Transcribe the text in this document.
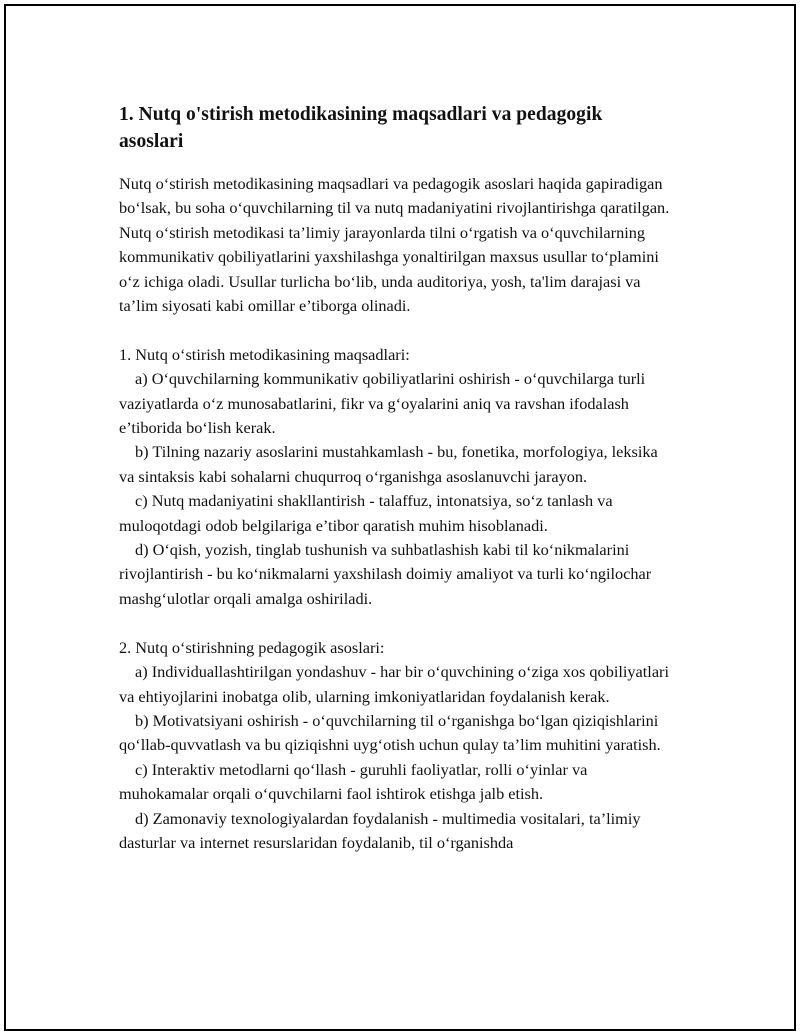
1. Nutq o'stirish metodikasining maqsadlari va pedagogik asoslari

Nutq o‘stirish metodikasining maqsadlari va pedagogik asoslari haqida gapiradigan bo‘lsak, bu soha o‘quvchilarning til va nutq madaniyatini rivojlantirishga qaratilgan. Nutq o‘stirish metodikasi ta’limiy jarayonlarda tilni o‘rgatish va o‘quvchilarning kommunikativ qobiliyatlarini yaxshilashga yonaltirilgan maxsus usullar to‘plamini o‘z ichiga oladi. Usullar turlicha bo‘lib, unda auditoriya, yosh, ta'lim darajasi va ta’lim siyosati kabi omillar e’tiborga olinadi.

1. Nutq o‘stirish metodikasining maqsadlari:

a) O‘quvchilarning kommunikativ qobiliyatlarini oshirish - o‘quvchilarga turli vaziyatlarda o‘z munosabatlarini, fikr va g‘oyalarini aniq va ravshan ifodalash e’tiborida bo‘lish kerak.

b) Tilning nazariy asoslarini mustahkamlash - bu, fonetika, morfologiya, leksika va sintaksis kabi sohalarni chuqurroq o‘rganishga asoslanuvchi jarayon.

c) Nutq madaniyatini shakllantirish - talaffuz, intonatsiya, so‘z tanlash va muloqotdagi odob belgilariga e’tibor qaratish muhim hisoblanadi.

d) O‘qish, yozish, tinglab tushunish va suhbatlashish kabi til ko‘nikmalarini rivojlantirish - bu ko‘nikmalarni yaxshilash doimiy amaliyot va turli ko‘ngilochar mashg‘ulotlar orqali amalga oshiriladi.

2. Nutq o‘stirishning pedagogik asoslari:

a) Individuallashtirilgan yondashuv - har bir o‘quvchining o‘ziga xos qobiliyatlari va ehtiyojlarini inobatga olib, ularning imkoniyatlaridan foydalanish kerak.

b) Motivatsiyani oshirish - o‘quvchilarning til o‘rganishga bo‘lgan qiziqishlarini qo‘llab-quvvatlash va bu qiziqishni uyg‘otish uchun qulay ta’lim muhitini yaratish.

c) Interaktiv metodlarni qo‘llash - guruhli faoliyatlar, rolli o‘yinlar va muhokamalar orqali o‘quvchilarni faol ishtirok etishga jalb etish.

d) Zamonaviy texnologiyalardan foydalanish - multimedia vositalari, ta’limiy dasturlar va internet resurslaridan foydalanib, til o‘rganishda
